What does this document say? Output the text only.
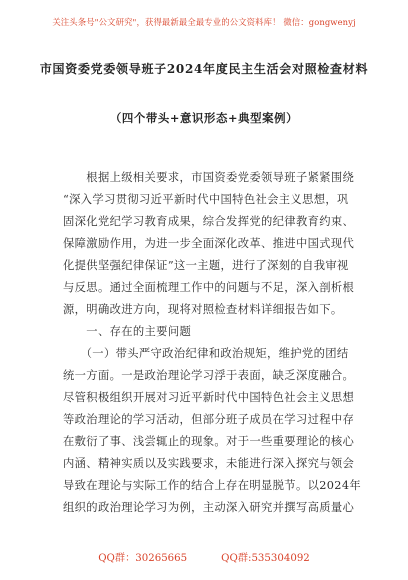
关注头条号"公文研究"，获得最新最全最专业的公文资料库！ 微信：gongwenyj
市国资委党委领导班子2024年度民主生活会对照检查材料
（四个带头+意识形态+典型案例）
　　根据上级相关要求，市国资委党委领导班子紧紧围绕
“深入学习贯彻习近平新时代中国特色社会主义思想，巩
固深化党纪学习教育成果，综合发挥党的纪律教育约束、
保障激励作用，为进一步全面深化改革、推进中国式现代
化提供坚强纪律保证”这一主题，进行了深刻的自我审视
与反思。通过全面梳理工作中的问题与不足，深入剖析根
源，明确改进方向，现将对照检查材料详细报告如下。
　　一、存在的主要问题
　　（一）带头严守政治纪律和政治规矩，维护党的团结
统一方面。一是政治理论学习浮于表面，缺乏深度融合。
尽管积极组织开展对习近平新时代中国特色社会主义思想
等政治理论的学习活动，但部分班子成员在学习过程中存
在敷衍了事、浅尝辄止的现象。对于一些重要理论的核心
内涵、精神实质以及实践要求，未能进行深入探究与领会
导致在理论与实际工作的结合上存在明显脱节。以2024年
组织的政治理论学习为例，主动深入研究并撰写高质量心
QQ群：30265665	QQ群:535304092
